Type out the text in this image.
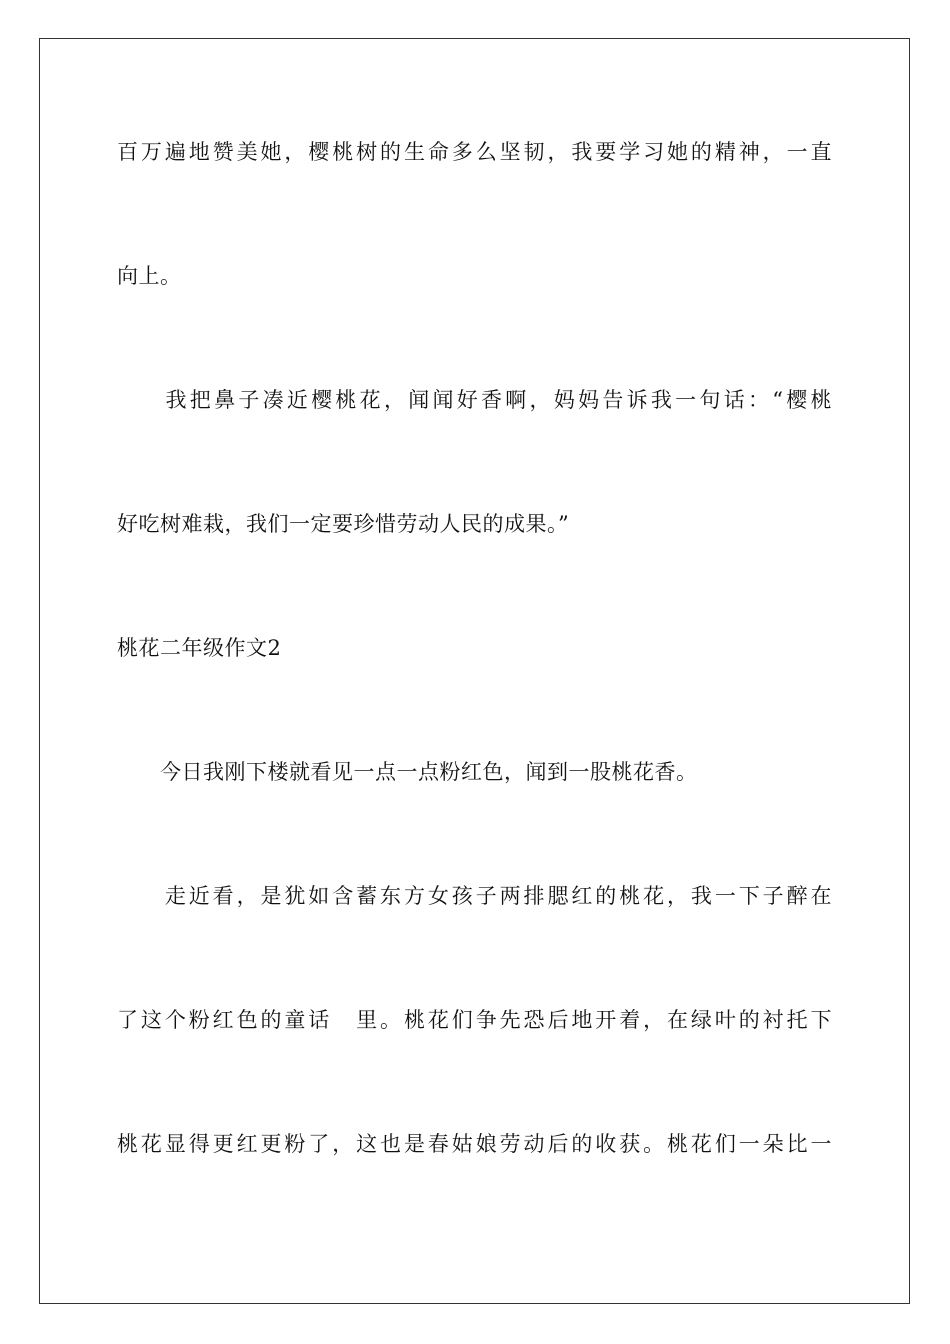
百万遍地赞美她，樱桃树的生命多么坚韧，我要学习她的精神，一直
向上。
　　我把鼻子凑近樱桃花，闻闻好香啊，妈妈告诉我一句话：“樱桃
好吃树难栽，我们一定要珍惜劳动人民的成果。”
桃花二年级作文2
　　今日我刚下楼就看见一点一点粉红色，闻到一股桃花香。
　　走近看，是犹如含蓄东方女孩子两排腮红的桃花，我一下子醉在
了这个粉红色的童话　里。桃花们争先恐后地开着，在绿叶的衬托下
桃花显得更红更粉了，这也是春姑娘劳动后的收获。桃花们一朵比一
